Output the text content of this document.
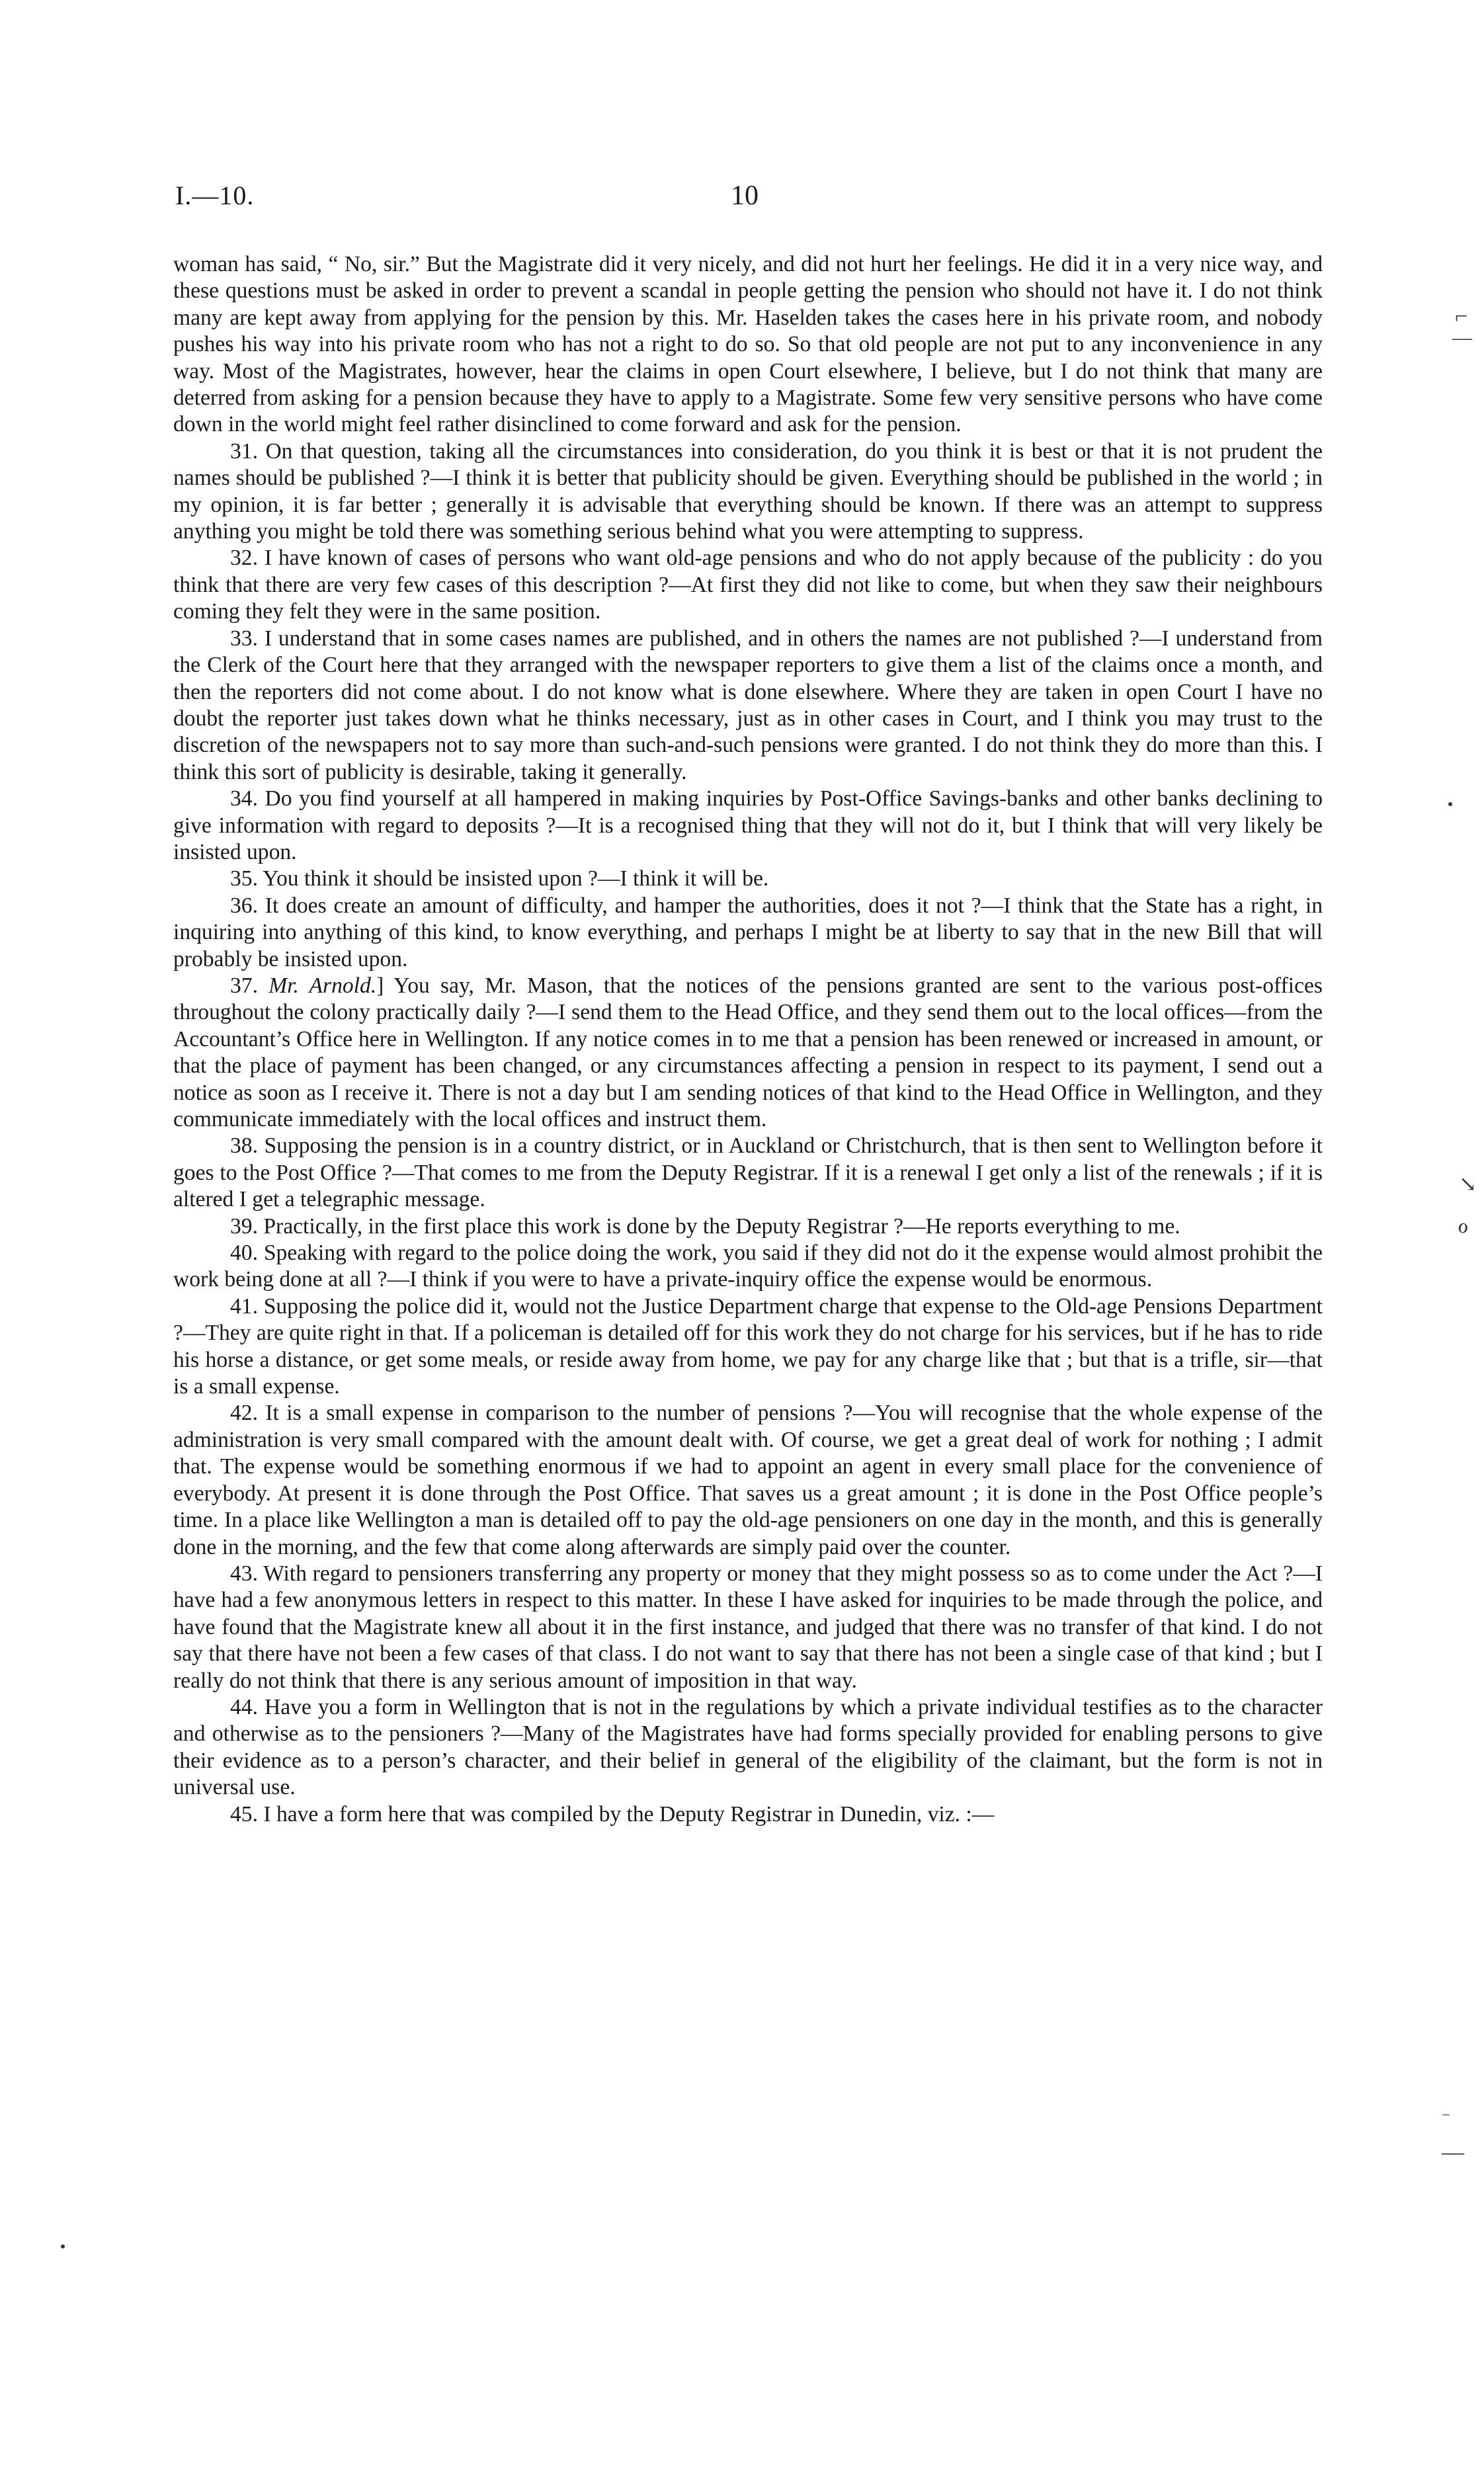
I.—10.	10

woman has said, “ No, sir.” But the Magistrate did it very nicely, and did not hurt her feelings. He did it in a very nice way, and these questions must be asked in order to prevent a scandal in people getting the pension who should not have it. I do not think many are kept away from applying for the pension by this. Mr. Haselden takes the cases here in his private room, and nobody pushes his way into his private room who has not a right to do so. So that old people are not put to any inconvenience in any way. Most of the Magistrates, however, hear the claims in open Court elsewhere, I believe, but I do not think that many are deterred from asking for a pension because they have to apply to a Magistrate. Some few very sensitive persons who have come down in the world might feel rather disinclined to come forward and ask for the pension.

31. On that question, taking all the circumstances into consideration, do you think it is best or that it is not prudent the names should be published ?—I think it is better that publicity should be given. Everything should be published in the world ; in my opinion, it is far better ; generally it is advisable that everything should be known. If there was an attempt to suppress anything you might be told there was something serious behind what you were attempting to suppress.

32. I have known of cases of persons who want old-age pensions and who do not apply because of the publicity : do you think that there are very few cases of this description ?—At first they did not like to come, but when they saw their neighbours coming they felt they were in the same position.

33. I understand that in some cases names are published, and in others the names are not published ?—I understand from the Clerk of the Court here that they arranged with the newspaper reporters to give them a list of the claims once a month, and then the reporters did not come about. I do not know what is done elsewhere. Where they are taken in open Court I have no doubt the reporter just takes down what he thinks necessary, just as in other cases in Court, and I think you may trust to the discretion of the newspapers not to say more than such-and-such pensions were granted. I do not think they do more than this. I think this sort of publicity is desirable, taking it generally.

34. Do you find yourself at all hampered in making inquiries by Post-Office Savings-banks and other banks declining to give information with regard to deposits ?—It is a recognised thing that they will not do it, but I think that will very likely be insisted upon.

35. You think it should be insisted upon ?—I think it will be.

36. It does create an amount of difficulty, and hamper the authorities, does it not ?—I think that the State has a right, in inquiring into anything of this kind, to know everything, and perhaps I might be at liberty to say that in the new Bill that will probably be insisted upon.

37. Mr. Arnold.] You say, Mr. Mason, that the notices of the pensions granted are sent to the various post-offices throughout the colony practically daily ?—I send them to the Head Office, and they send them out to the local offices—from the Accountant’s Office here in Wellington. If any notice comes in to me that a pension has been renewed or increased in amount, or that the place of payment has been changed, or any circumstances affecting a pension in respect to its payment, I send out a notice as soon as I receive it. There is not a day but I am sending notices of that kind to the Head Office in Wellington, and they communicate immediately with the local offices and instruct them.

38. Supposing the pension is in a country district, or in Auckland or Christchurch, that is then sent to Wellington before it goes to the Post Office ?—That comes to me from the Deputy Registrar. If it is a renewal I get only a list of the renewals ; if it is altered I get a telegraphic message.

39. Practically, in the first place this work is done by the Deputy Registrar ?—He reports everything to me.

40. Speaking with regard to the police doing the work, you said if they did not do it the expense would almost prohibit the work being done at all ?—I think if you were to have a private-inquiry office the expense would be enormous.

41. Supposing the police did it, would not the Justice Department charge that expense to the Old-age Pensions Department ?—They are quite right in that. If a policeman is detailed off for this work they do not charge for his services, but if he has to ride his horse a distance, or get some meals, or reside away from home, we pay for any charge like that ; but that is a trifle, sir—that is a small expense.

42. It is a small expense in comparison to the number of pensions ?—You will recognise that the whole expense of the administration is very small compared with the amount dealt with. Of course, we get a great deal of work for nothing ; I admit that. The expense would be something enormous if we had to appoint an agent in every small place for the convenience of everybody. At present it is done through the Post Office. That saves us a great amount ; it is done in the Post Office people’s time. In a place like Wellington a man is detailed off to pay the old-age pensioners on one day in the month, and this is generally done in the morning, and the few that come along afterwards are simply paid over the counter.

43. With regard to pensioners transferring any property or money that they might possess so as to come under the Act ?—I have had a few anonymous letters in respect to this matter. In these I have asked for inquiries to be made through the police, and have found that the Magistrate knew all about it in the first instance, and judged that there was no transfer of that kind. I do not say that there have not been a few cases of that class. I do not want to say that there has not been a single case of that kind ; but I really do not think that there is any serious amount of imposition in that way.

44. Have you a form in Wellington that is not in the regulations by which a private individual testifies as to the character and otherwise as to the pensioners ?—Many of the Magistrates have had forms specially provided for enabling persons to give their evidence as to a person’s character, and their belief in general of the eligibility of the claimant, but the form is not in universal use.

45. I have a form here that was compiled by the Deputy Registrar in Dunedin, viz. :—

⌐
—
↘
ℴ
‾
—
